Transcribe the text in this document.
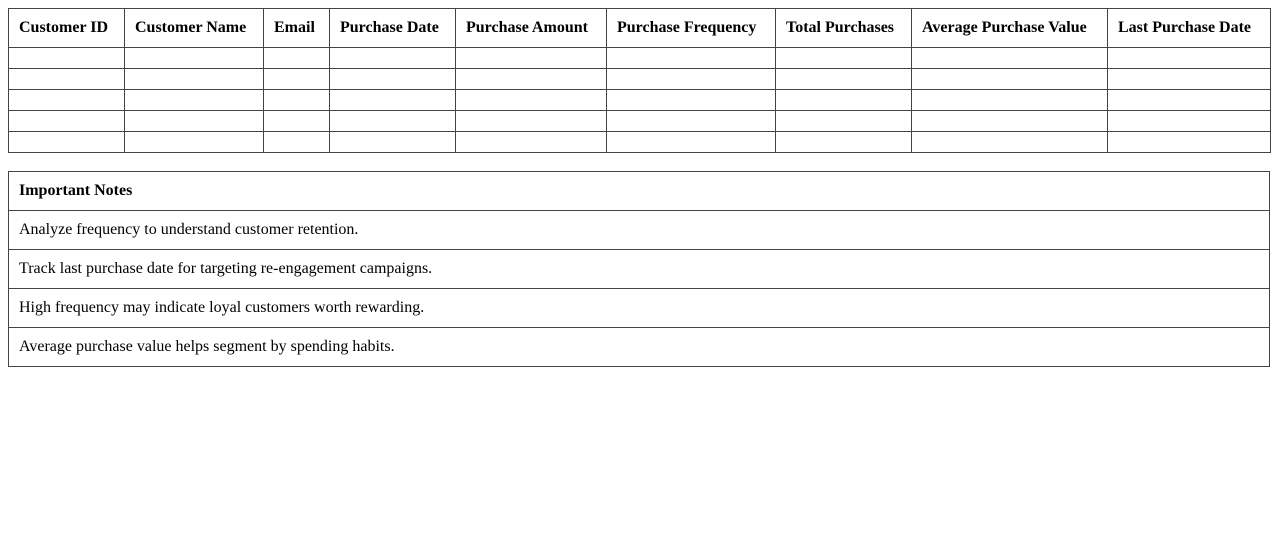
Customer ID	Customer Name	Email	Purchase Date	Purchase Amount	Purchase Frequency	Total Purchases	Average Purchase Value	Last Purchase Date

Important Notes
Analyze frequency to understand customer retention.
Track last purchase date for targeting re-engagement campaigns.
High frequency may indicate loyal customers worth rewarding.
Average purchase value helps segment by spending habits.
